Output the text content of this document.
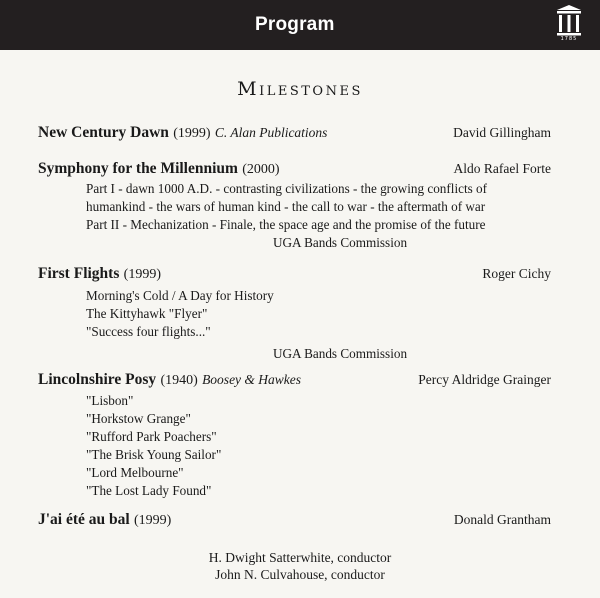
Program
1785
Milestones
New Century Dawn (1999) C. Alan Publications	David Gillingham
Symphony for the Millennium (2000)	Aldo Rafael Forte
Part I - dawn 1000 A.D. - contrasting civilizations - the growing conflicts of
humankind - the wars of human kind - the call to war - the aftermath of war
Part II - Mechanization - Finale, the space age and the promise of the future
UGA Bands Commission
First Flights (1999)	Roger Cichy
Morning's Cold / A Day for History
The Kittyhawk "Flyer"
"Success four flights..."
UGA Bands Commission
Lincolnshire Posy (1940) Boosey & Hawkes	Percy Aldridge Grainger
"Lisbon"
"Horkstow Grange"
"Rufford Park Poachers"
"The Brisk Young Sailor"
"Lord Melbourne"
"The Lost Lady Found"
J'ai été au bal (1999)	Donald Grantham
H. Dwight Satterwhite, conductor
John N. Culvahouse, conductor
